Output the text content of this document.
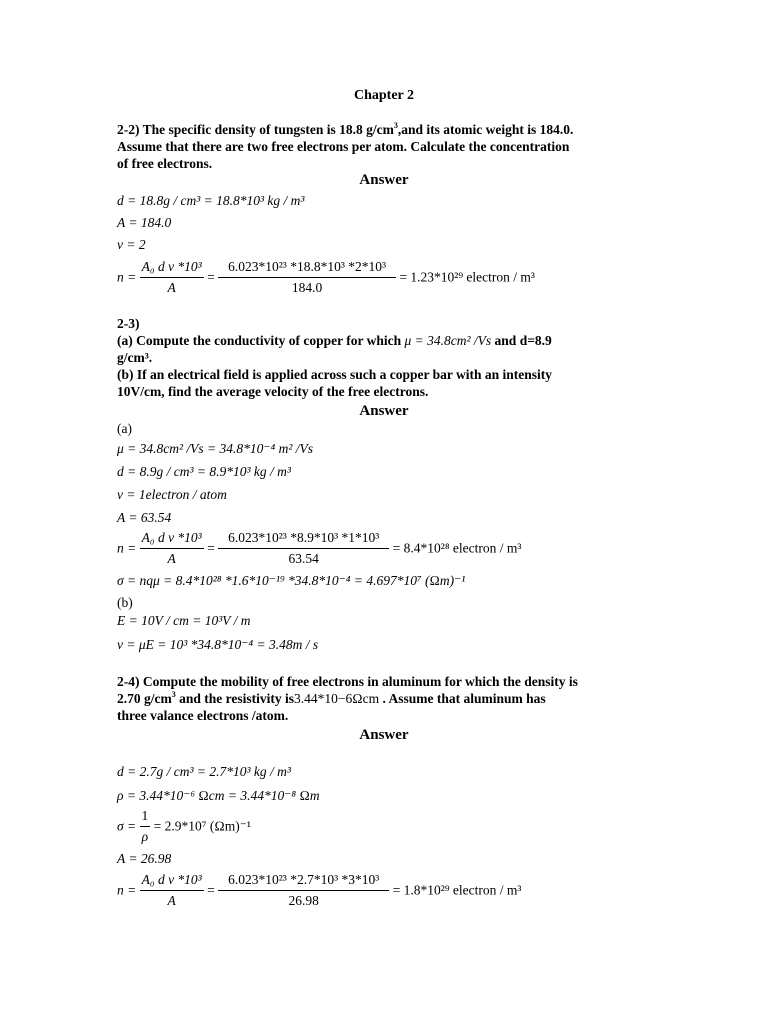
Chapter 2
2-2) The specific density of tungsten is 18.8 $g/cm^3,and$ its atomic weight is 184.0.
Assume that there are two free electrons per atom. Calculate the concentration
of free electrons.
Answer
d = 18.8g / cm³ = 18.8*10³ kg / m³
A = 184.0
ν = 2
$n = \frac{\text{A₀ d ν *10³}}{A} = \frac{\text{6.023*10²³ *18.8*10³ *2*10³}}{184.0} = 1.23*10^{29}$ electron / m³
2-3)
(a) Compute the conductivity of copper for which μ = 34.8cm² /Vs and d=8.9
g/cm³.
(b) If an electrical field is applied across such a copper bar with an intensity
10V/cm, find the average velocity of the free electrons.
Answer
(a)
μ = 34.8cm² /Vs = 34.8*10⁻⁴ m² /Vs
d = 8.9g / cm³ = 8.9*10³ kg / m³
ν = 1electron / atom
A = 63.54
$n = \frac{\text{A₀ d ν *10³}}{A} = \frac{\text{6.023*10²³ *8.9*10³ *1*10³}}{63.54} = 8.4*10^{28}$ electron / m³
σ = nqμ = 8.4*10²⁸ *1.6*10⁻¹⁹ *34.8*10⁻⁴ = 4.697*10⁷ (Ωm)⁻¹
(b)
E = 10V / cm = 10³V / m
v = μE = 10³ *34.8*10⁻⁴ = 3.48m / s
2-4) Compute the mobility of free electrons in aluminum for which the density is
2.70 $g/cm^3$ and the resistivity is3.44*10−6Ωcm . Assume that aluminum has
three valance electrons /atom.
Answer
d = 2.7g / cm³ = 2.7*10³ kg / m³
ρ = 3.44*10⁻⁶ Ωcm = 3.44*10⁻⁸ Ωm
$\sigma = \frac{1}{\rho} = 2.9*10^7$ (Ωm)⁻¹
A = 26.98
$n = \frac{\text{A₀ d ν *10³}}{A} = \frac{\text{6.023*10²³ *2.7*10³ *3*10³}}{26.98} = 1.8*10^{29}$ electron / m³
